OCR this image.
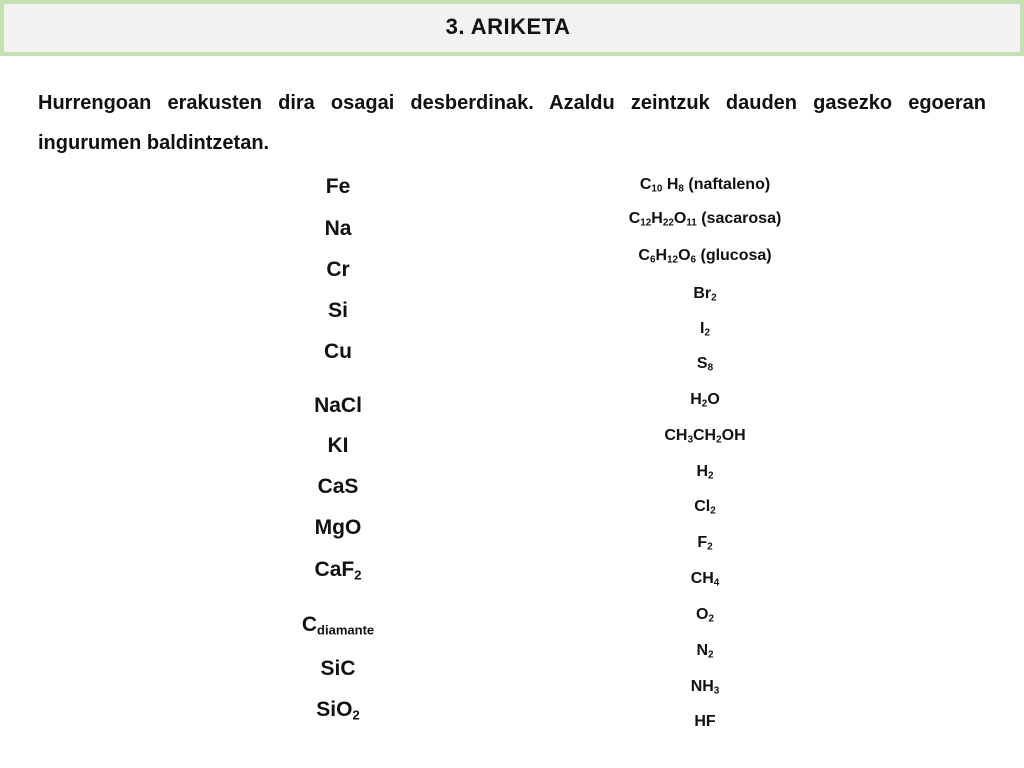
3. ARIKETA
Hurrengoan erakusten dira osagai desberdinak. Azaldu zeintzuk dauden gasezko egoeran ingurumen baldintzetan.
Fe
Na
Cr
Si
Cu
NaCl
KI
CaS
MgO
CaF$_2$
$C_{diamante}$
SiC
SiO$_2$
$C_{10}$ $H_8$ (naftaleno)
$C_{12}H_{22}O_{11}$ (sacarosa)
$C_6H_{12}O_6$ (glucosa)
$Br_2$
$I_2$
$S_8$
$H_2O$
$CH_3CH_2OH$
$H_2$
$Cl_2$
$F_2$
$CH_4$
$O_2$
$N_2$
$NH_3$
HF
